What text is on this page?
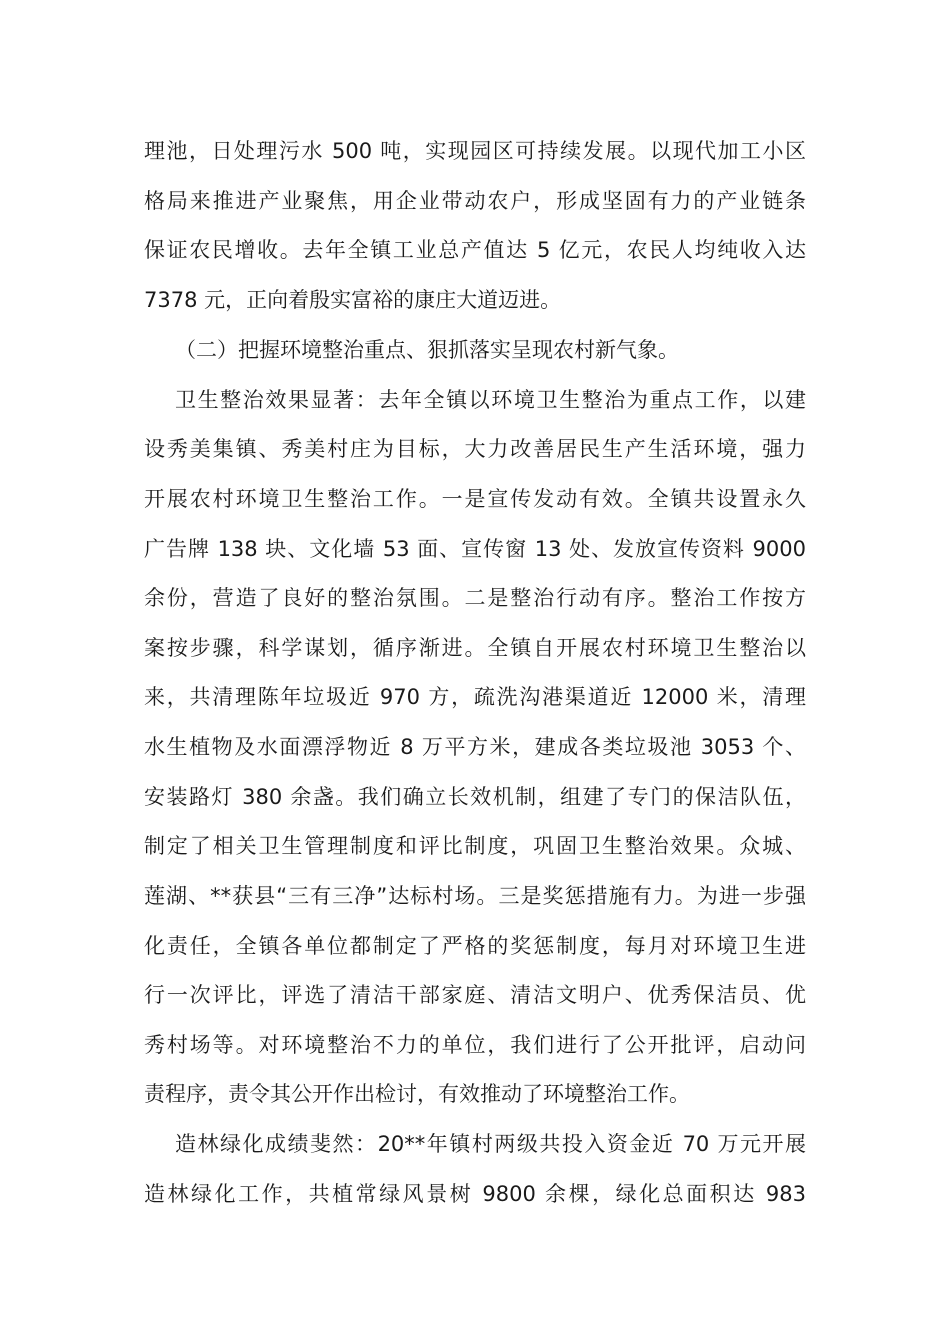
理池，日处理污水 500 吨，实现园区可持续发展。以现代加工小区
格局来推进产业聚焦，用企业带动农户，形成坚固有力的产业链条
保证农民增收。去年全镇工业总产值达 5 亿元，农民人均纯收入达
7378 元，正向着殷实富裕的康庄大道迈进。
（二）把握环境整治重点、狠抓落实呈现农村新气象。
卫生整治效果显著：去年全镇以环境卫生整治为重点工作，以建
设秀美集镇、秀美村庄为目标，大力改善居民生产生活环境，强力
开展农村环境卫生整治工作。一是宣传发动有效。全镇共设置永久
广告牌 138 块、文化墙 53 面、宣传窗 13 处、发放宣传资料 9000
余份，营造了良好的整治氛围。二是整治行动有序。整治工作按方
案按步骤，科学谋划，循序渐进。全镇自开展农村环境卫生整治以
来，共清理陈年垃圾近 970 方，疏洗沟港渠道近 12000 米，清理
水生植物及水面漂浮物近 8 万平方米，建成各类垃圾池 3053 个、
安装路灯 380 余盏。我们确立长效机制，组建了专门的保洁队伍，
制定了相关卫生管理制度和评比制度，巩固卫生整治效果。众城、
莲湖、**获县“三有三净”达标村场。三是奖惩措施有力。为进一步强
化责任，全镇各单位都制定了严格的奖惩制度，每月对环境卫生进
行一次评比，评选了清洁干部家庭、清洁文明户、优秀保洁员、优
秀村场等。对环境整治不力的单位，我们进行了公开批评，启动问
责程序，责令其公开作出检讨，有效推动了环境整治工作。
造林绿化成绩斐然：20**年镇村两级共投入资金近 70 万元开展
造林绿化工作，共植常绿风景树 9800 余棵，绿化总面积达 983
